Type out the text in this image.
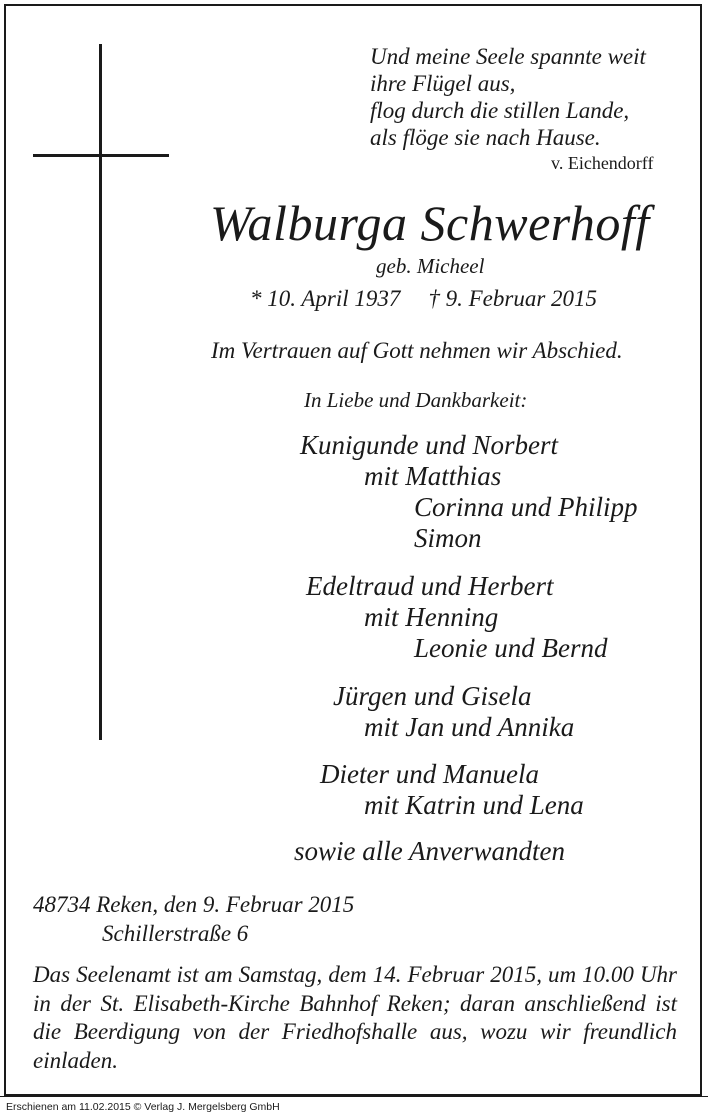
Und meine Seele spannte weit
ihre Flügel aus,
flog durch die stillen Lande,
als flöge sie nach Hause.
v. Eichendorff
Walburga Schwerhoff
geb. Micheel
* 10. April 1937 † 9. Februar 2015
Im Vertrauen auf Gott nehmen wir Abschied.
In Liebe und Dankbarkeit:
Kunigunde und Norbert
mit Matthias
Corinna und Philipp
Simon
Edeltraud und Herbert
mit Henning
Leonie und Bernd
Jürgen und Gisela
mit Jan und Annika
Dieter und Manuela
mit Katrin und Lena
sowie alle Anverwandten
48734 Reken, den 9. Februar 2015
Schillerstraße 6
Das Seelenamt ist am Samstag, dem 14. Februar 2015, um 10.00 Uhr in der St. Elisabeth-Kirche Bahnhof Reken; daran anschließend ist die Beerdigung von der Friedhofshalle aus, wozu wir freundlich einladen.
Erschienen am 11.02.2015 © Verlag J. Mergelsberg GmbH
